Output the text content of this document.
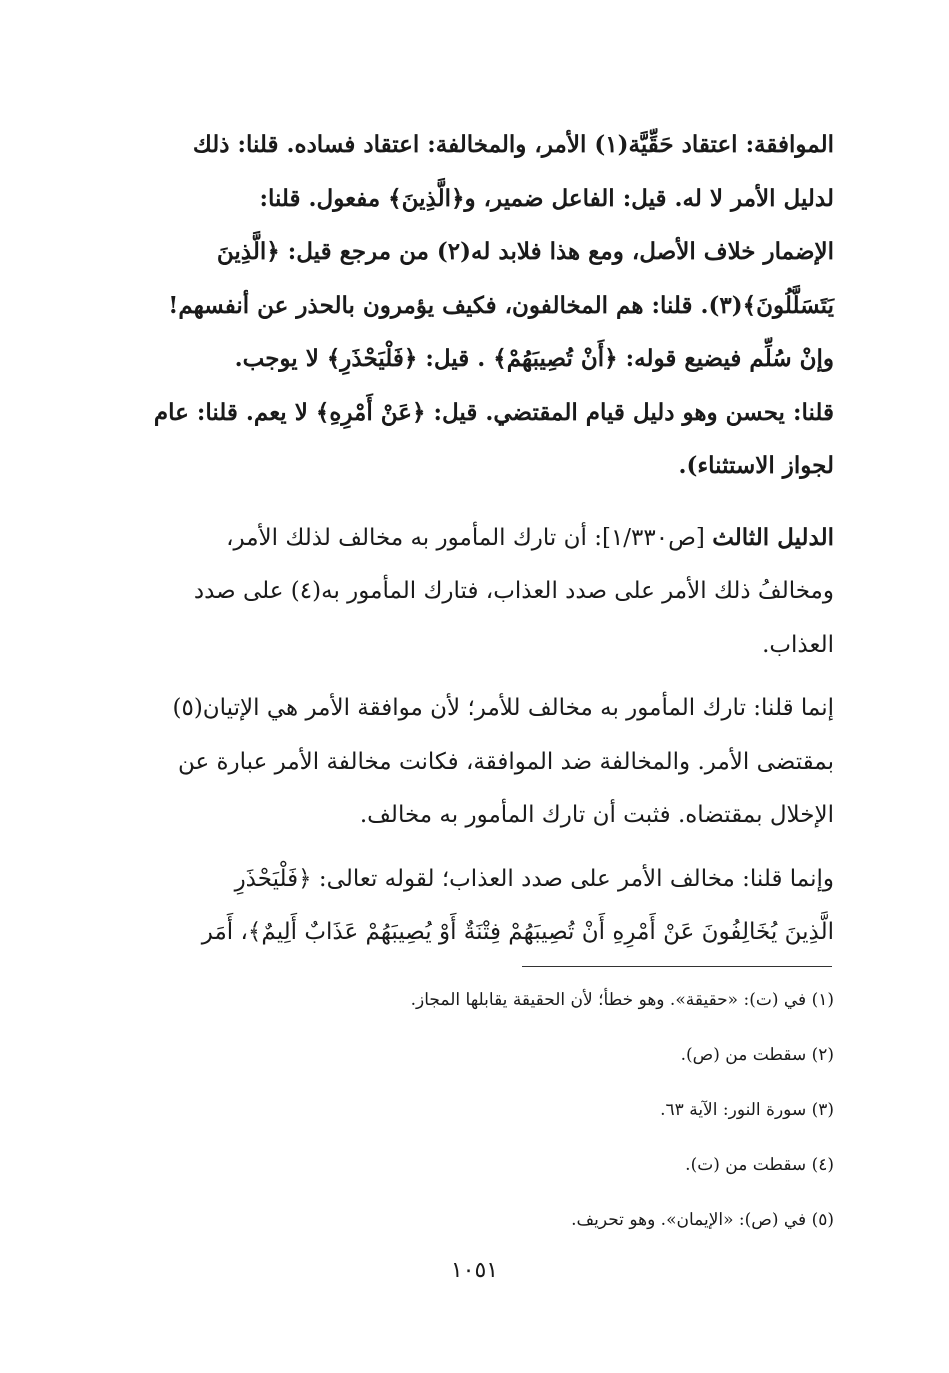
الموافقة: اعتقاد حَقِّيَّة(١) الأمر، والمخالفة: اعتقاد فساده. قلنا: ذلك
لدليل الأمر لا له. قيل: الفاعل ضمير، و﴿الَّذِينَ﴾ مفعول. قلنا:
الإضمار خلاف الأصل، ومع هذا فلابد له(٢) من مرجع قيل: ﴿الَّذِينَ
يَتَسَلَّلُونَ﴾(٣). قلنا: هم المخالفون، فكيف يؤمرون بالحذر عن أنفسهم!
وإنْ سُلِّم فيضيع قوله: ﴿أَنْ تُصِيبَهُمْ﴾ . قيل: ﴿فَلْيَحْذَرِ﴾ لا يوجب.
قلنا: يحسن وهو دليل قيام المقتضي. قيل: ﴿عَنْ أَمْرِهِ﴾ لا يعم. قلنا: عام
لجواز الاستثناء).

الدليل الثالث [ص١/٣٣٠]: أن تارك المأمور به مخالف لذلك الأمر،
ومخالفُ ذلك الأمر على صدد العذاب، فتارك المأمور به(٤) على صدد
العذاب.

إنما قلنا: تارك المأمور به مخالف للأمر؛ لأن موافقة الأمر هي الإتيان(٥)
بمقتضى الأمر. والمخالفة ضد الموافقة، فكانت مخالفة الأمر عبارة عن
الإخلال بمقتضاه. فثبت أن تارك المأمور به مخالف.

وإنما قلنا: مخالف الأمر على صدد العذاب؛ لقوله تعالى: ﴿فَلْيَحْذَرِ
الَّذِينَ يُخَالِفُونَ عَنْ أَمْرِهِ أَنْ تُصِيبَهُمْ فِتْنَةٌ أَوْ يُصِيبَهُمْ عَذَابٌ أَلِيمٌ﴾، أَمَر

(١) في (ت): «حقيقة». وهو خطأ؛ لأن الحقيقة يقابلها المجاز.
(٢) سقطت من (ص).
(٣) سورة النور: الآية ٦٣.
(٤) سقطت من (ت).
(٥) في (ص): «الإيمان». وهو تحريف.
١٠٥١
